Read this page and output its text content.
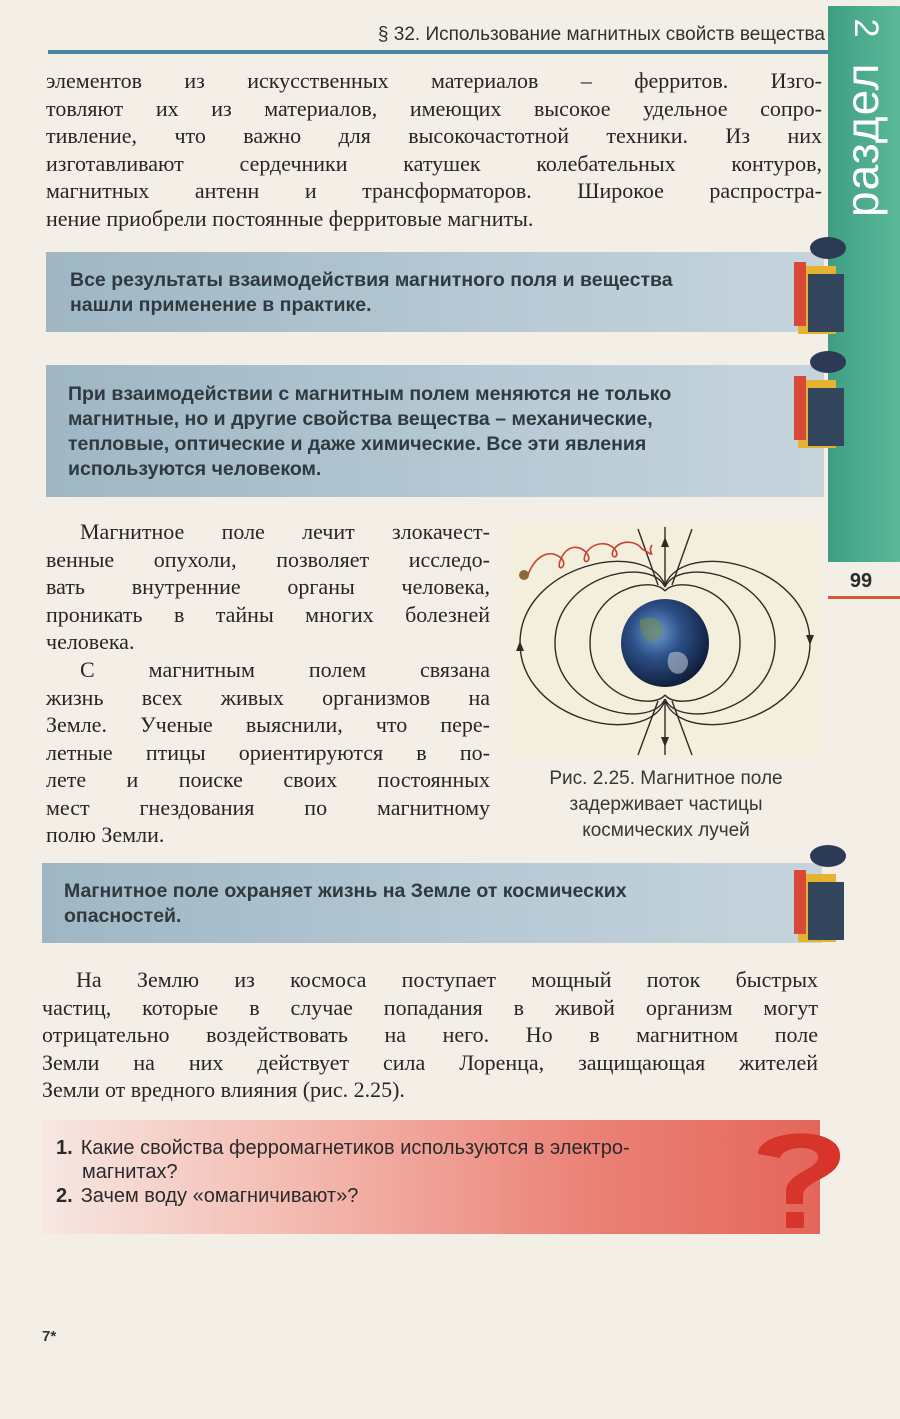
§ 32. Использование магнитных свойств вещества 2
раздел
99
элементов из искусственных материалов – ферритов. Изго-
товляют их из материалов, имеющих высокое удельное сопро-
тивление, что важно для высокочастотной техники. Из них
изготавливают сердечники катушек колебательных контуров,
магнитных антенн и трансформаторов. Широкое распростра-
нение приобрели постоянные ферритовые магниты.
Все результаты взаимодействия магнитного поля и вещества
нашли применение в практике.
При взаимодействии с магнитным полем меняются не только
магнитные, но и другие свойства вещества – механические,
тепловые, оптические и даже химические. Все эти явления
используются человеком.
Магнитное поле лечит злокачест-
венные опухоли, позволяет исследо-
вать внутренние органы человека,
проникать в тайны многих болезней
человека.
С магнитным полем связана
жизнь всех живых организмов на
Земле. Ученые выяснили, что пере-
летные птицы ориентируются в по-
лете и поиске своих постоянных
мест гнездования по магнитному
полю Земли.
Рис. 2.25. Магнитное поле
задерживает частицы
космических лучей
Магнитное поле охраняет жизнь на Земле от космических
опасностей.
На Землю из космоса поступает мощный поток быстрых
частиц, которые в случае попадания в живой организм могут
отрицательно воздействовать на него. Но в магнитном поле
Земли на них действует сила Лоренца, защищающая жителей
Земли от вредного влияния (рис. 2.25).
1. Какие свойства ферромагнетиков используются в электро-
магнитах?
2. Зачем воду «омагничивают»?
7*
